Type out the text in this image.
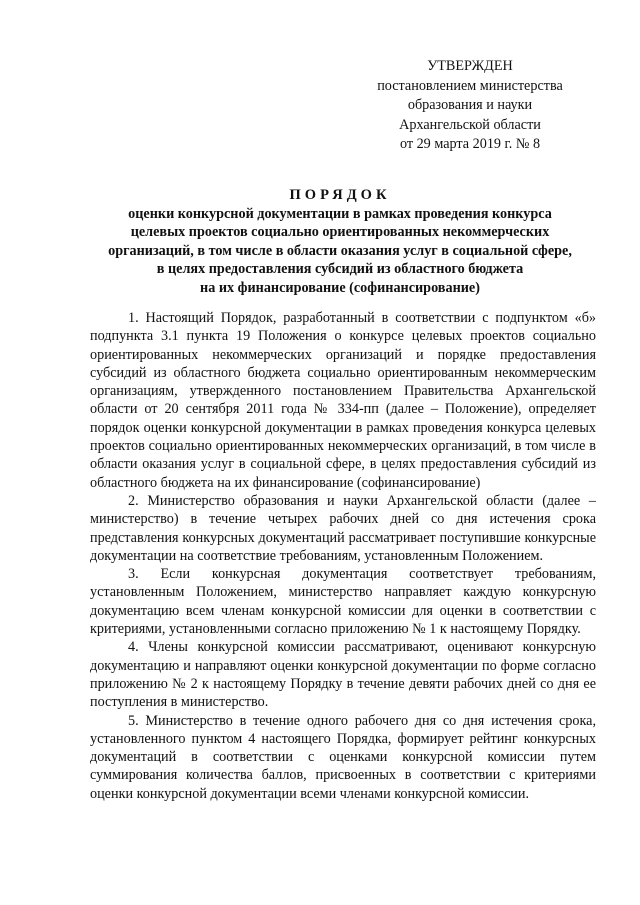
УТВЕРЖДЕН
постановлением министерства
образования и науки
Архангельской области
от 29 марта 2019 г. № 8
ПОРЯДОК
оценки конкурсной документации в рамках проведения конкурса
целевых проектов социально ориентированных некоммерческих
организаций, в том числе в области оказания услуг в социальной сфере,
в целях предоставления субсидий из областного бюджета
на их финансирование (софинансирование)

1. Настоящий Порядок, разработанный в соответствии с подпунктом «б» подпункта 3.1 пункта 19 Положения о конкурсе целевых проектов социально ориентированных некоммерческих организаций и порядке предоставления субсидий из областного бюджета социально ориентированным некоммерческим организациям, утвержденного постановлением Правительства Архангельской области от 20 сентября 2011 года № 334-пп (далее – Положение), определяет порядок оценки конкурсной документации в рамках проведения конкурса целевых проектов социально ориентированных некоммерческих организаций, в том числе в области оказания услуг в социальной сфере, в целях предоставления субсидий из областного бюджета на их финансирование (софинансирование)

2. Министерство образования и науки Архангельской области (далее – министерство) в течение четырех рабочих дней со дня истечения срока представления конкурсных документаций рассматривает поступившие конкурсные документации на соответствие требованиям, установленным Положением.

3. Если конкурсная документация соответствует требованиям, установленным Положением, министерство направляет каждую конкурсную документацию всем членам конкурсной комиссии для оценки в соответствии с критериями, установленными согласно приложению № 1 к настоящему Порядку.

4. Члены конкурсной комиссии рассматривают, оценивают конкурсную документацию и направляют оценки конкурсной документации по форме согласно приложению № 2 к настоящему Порядку в течение девяти рабочих дней со дня ее поступления в министерство.

5. Министерство в течение одного рабочего дня со дня истечения срока, установленного пунктом 4 настоящего Порядка, формирует рейтинг конкурсных документаций в соответствии с оценками конкурсной комиссии путем суммирования количества баллов, присвоенных в соответствии с критериями оценки конкурсной документации всеми членами конкурсной комиссии.
